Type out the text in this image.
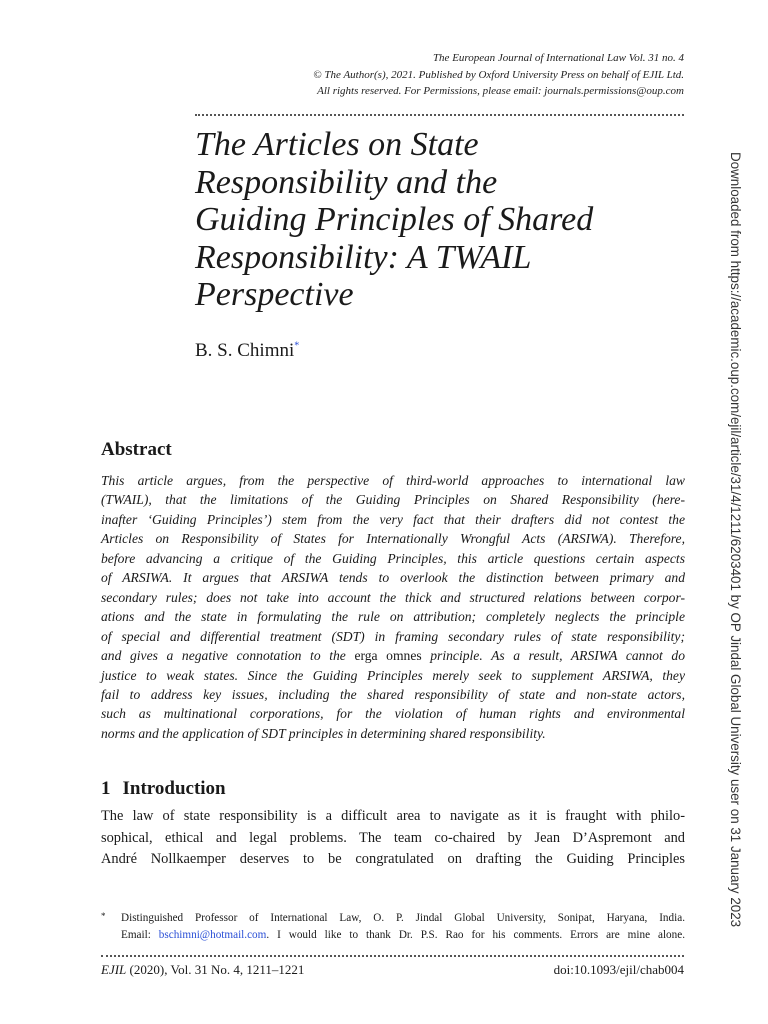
The European Journal of International Law Vol. 31 no. 4
© The Author(s), 2021. Published by Oxford University Press on behalf of EJIL Ltd.
All rights reserved. For Permissions, please email: journals.permissions@oup.com
The Articles on State
Responsibility and the
Guiding Principles of Shared
Responsibility: A TWAIL
Perspective
B. S. Chimni*
Abstract

This article argues, from the perspective of third-world approaches to international law
(TWAIL), that the limitations of the Guiding Principles on Shared Responsibility (here-
inafter ‘Guiding Principles’) stem from the very fact that their drafters did not contest the
Articles on Responsibility of States for Internationally Wrongful Acts (ARSIWA). Therefore,
before advancing a critique of the Guiding Principles, this article questions certain aspects
of ARSIWA. It argues that ARSIWA tends to overlook the distinction between primary and
secondary rules; does not take into account the thick and structured relations between corpor-
ations and the state in formulating the rule on attribution; completely neglects the principle
of special and differential treatment (SDT) in framing secondary rules of state responsibility;
and gives a negative connotation to the erga omnes principle. As a result, ARSIWA cannot do
justice to weak states. Since the Guiding Principles merely seek to supplement ARSIWA, they
fail to address key issues, including the shared responsibility of state and non-state actors,
such as multinational corporations, for the violation of human rights and environmental
norms and the application of SDT principles in determining shared responsibility.

1 Introduction

The law of state responsibility is a difficult area to navigate as it is fraught with philo-
sophical, ethical and legal problems. The team co-chaired by Jean D’Aspremont and
André Nollkaemper deserves to be congratulated on drafting the Guiding Principles

* Distinguished Professor of International Law, O. P. Jindal Global University, Sonipat, Haryana, India.
Email: bschimni@hotmail.com. I would like to thank Dr. P.S. Rao for his comments. Errors are mine alone.
EJIL (2020), Vol. 31 No. 4, 1211–1221	doi:10.1093/ejil/chab004
Downloaded from https://academic.oup.com/ejil/article/31/4/1211/6203401 by OP Jindal Global University user on 31 January 2023
